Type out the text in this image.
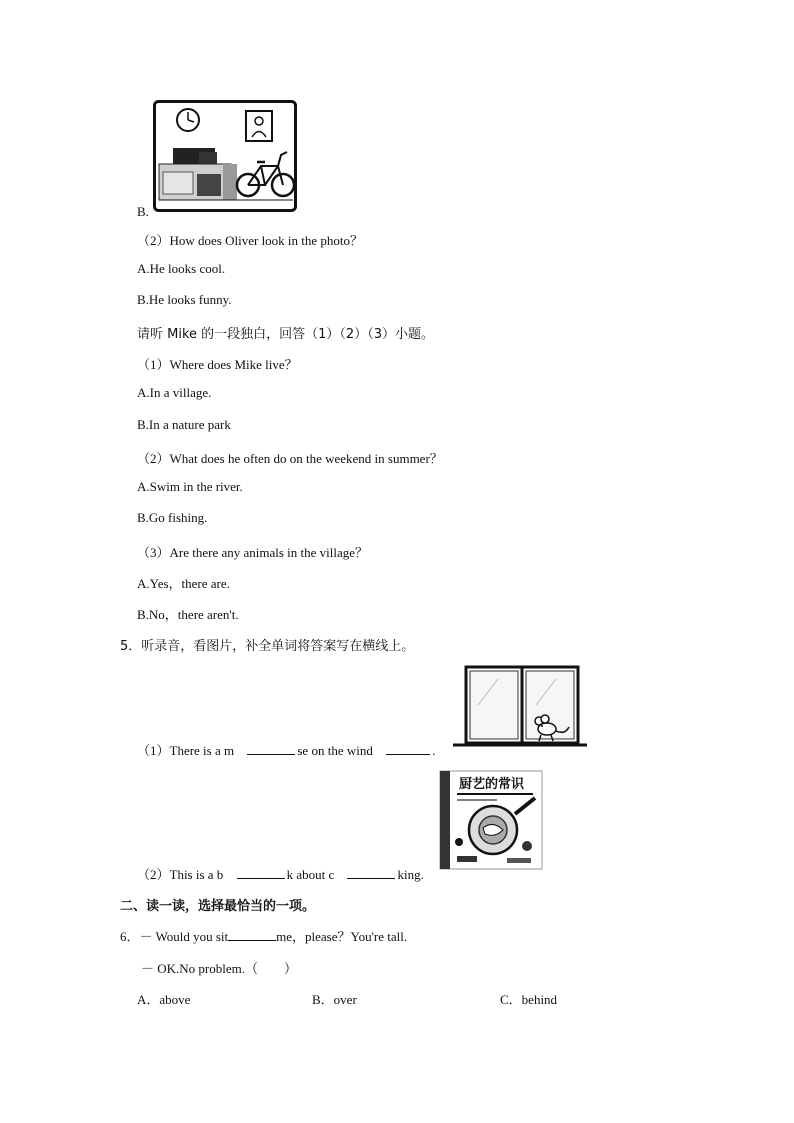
B.
（2）How does Oliver look in the photo？
A.He looks cool.
B.He looks funny.
请听 Mike 的一段独白，回答（1）（2）（3）小题。
（1）Where does Mike live？
A.In a village.
B.In a nature park
（2）What does he often do on the weekend in summer？
A.Swim in the river.
B.Go fishing.
（3）Are there any animals in the village？
A.Yes，there are.
B.No，there aren't.
5．听录音，看图片，补全单词将答案写在横线上。
（1）There is a m	se on the wind	.
厨艺的常识
（2）This is a b	k about c	king.
二、读一读，选择最恰当的一项。
6．－ Would you sit	me，please？You're tall.
－ OK.No problem.（　　）
A．above	B．over	C．behind
